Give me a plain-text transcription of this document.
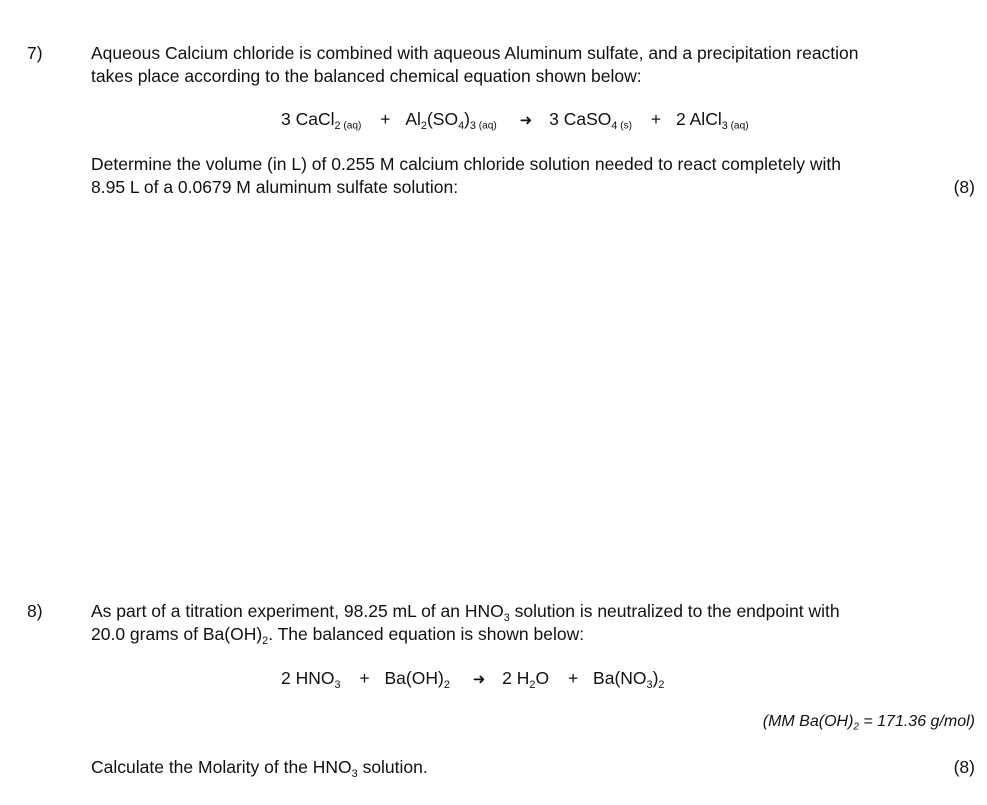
7)	Aqueous Calcium chloride is combined with aqueous Aluminum sulfate, and a precipitation reaction
takes place according to the balanced chemical equation shown below:
3 CaCl$_2$ $_{(aq)} + Al_2(SO_4)_3$ $_{(aq)}$ ➜ 3 CaSO$_4$ $_{(s)}$ + 2 AlCl$_3$ $_{(aq)}$
Determine the volume (in L) of 0.255 M calcium chloride solution needed to react completely with
8.95 L of a 0.0679 M aluminum sulfate solution:	(8)
8)	As part of a titration experiment, 98.25 mL of an $HNO_3$ solution is neutralized to the endpoint with
20.0 grams of $Ba(OH)_2$. The balanced equation is shown below:
2 $HNO_3 + Ba(OH)_2$ ➜ 2 $H_2O + Ba(NO_3)_2$
(MM $Ba(OH)_2 = 171.36$ g/mol)
Calculate the Molarity of the $HNO_3$ solution.	(8)
